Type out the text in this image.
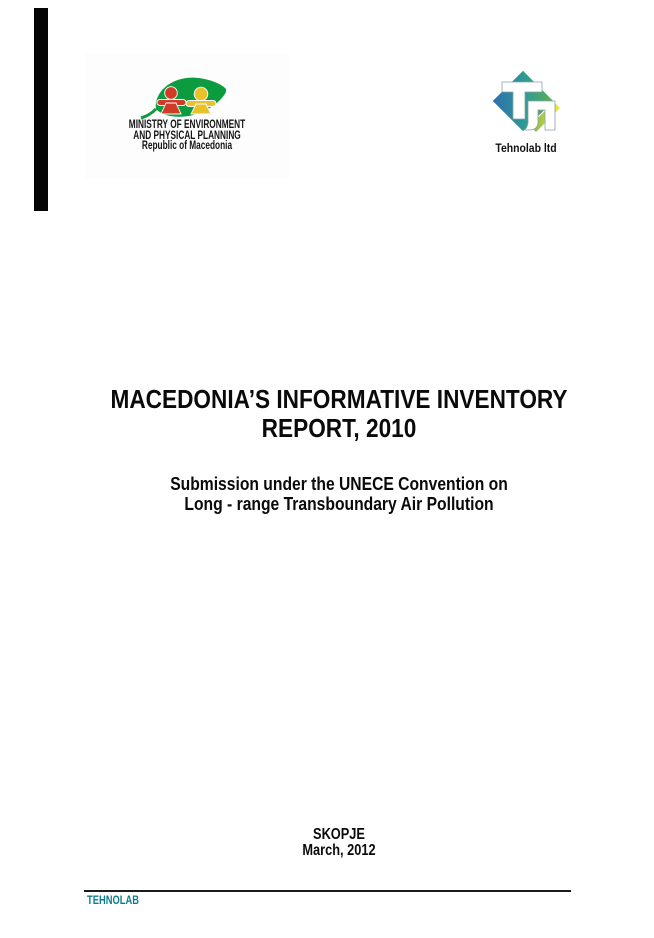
MINISTRY OF ENVIRONMENT
AND PHYSICAL PLANNING
Republic of Macedonia	Tehnolab ltd
MACEDONIA’S INFORMATIVE INVENTORY
REPORT, 2010
Submission under the UNECE Convention on
Long - range Transboundary Air Pollution
SKOPJE
March, 2012
TEHNOLAB
